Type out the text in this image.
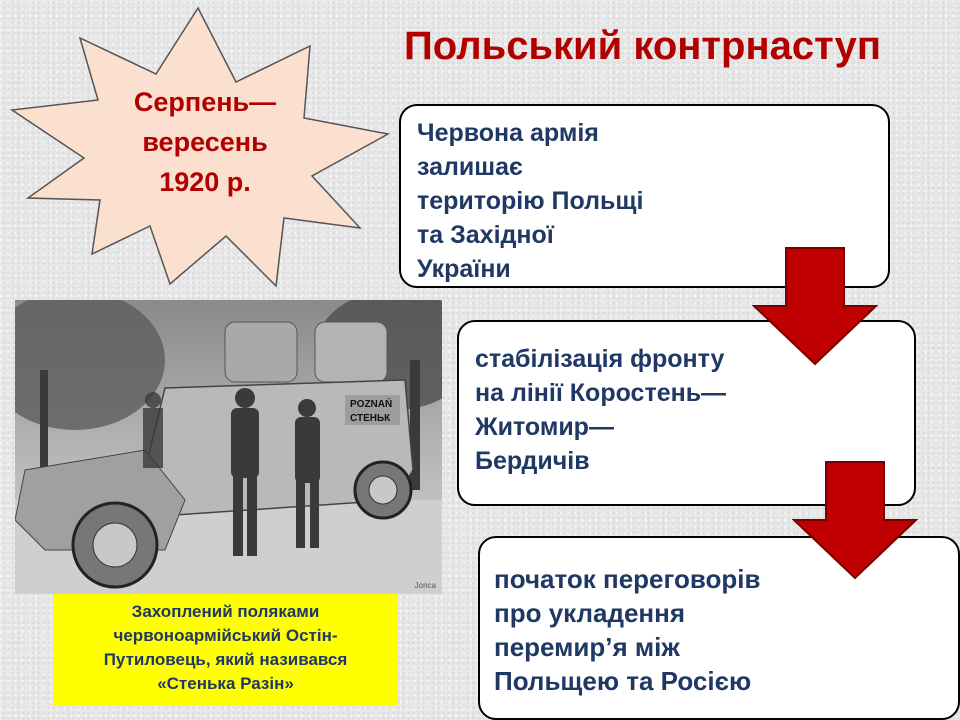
Серпень—
вересень
1920 р.
Польський контрнаступ
Червона армія
залишає
територію Польщі
та Західної
України
стабілізація фронту
на лінії Коростень—
Житомир—
Бердичів
початок переговорів
про укладення
перемир’я між
Польщею та Росією
POZNAŃ
СТЕНЬК
Jonca
Захоплений поляками
червоноармійський Остін-
Путиловець, який називався
«Стенька Разін»
